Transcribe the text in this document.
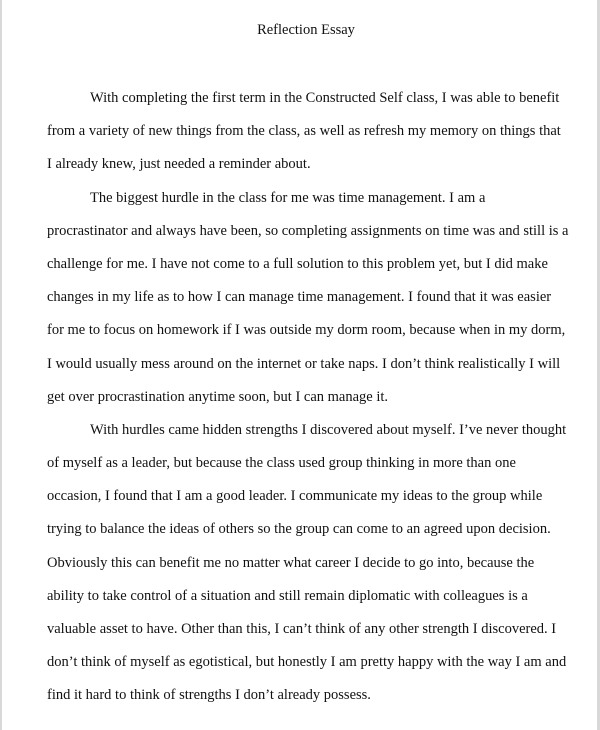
Reflection Essay
With completing the first term in the Constructed Self class, I was able to benefit
from a variety of new things from the class, as well as refresh my memory on things that
I already knew, just needed a reminder about.
The biggest hurdle in the class for me was time management. I am a
procrastinator and always have been, so completing assignments on time was and still is a
challenge for me. I have not come to a full solution to this problem yet, but I did make
changes in my life as to how I can manage time management. I found that it was easier
for me to focus on homework if I was outside my dorm room, because when in my dorm,
I would usually mess around on the internet or take naps. I don’t think realistically I will
get over procrastination anytime soon, but I can manage it.
With hurdles came hidden strengths I discovered about myself. I’ve never thought
of myself as a leader, but because the class used group thinking in more than one
occasion, I found that I am a good leader. I communicate my ideas to the group while
trying to balance the ideas of others so the group can come to an agreed upon decision.
Obviously this can benefit me no matter what career I decide to go into, because the
ability to take control of a situation and still remain diplomatic with colleagues is a
valuable asset to have. Other than this, I can’t think of any other strength I discovered. I
don’t think of myself as egotistical, but honestly I am pretty happy with the way I am and
find it hard to think of strengths I don’t already possess.
